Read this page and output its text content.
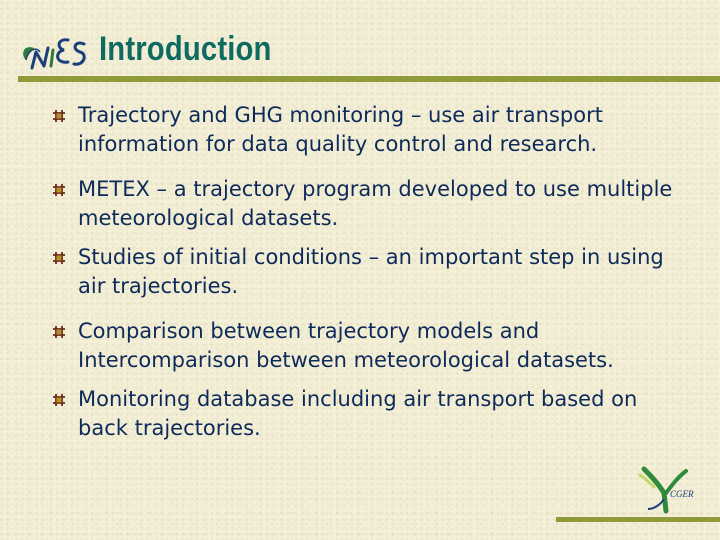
NIES Introduction
Trajectory and GHG monitoring – use air transport information for data quality control and research.
METEX – a trajectory program developed to use multiple meteorological datasets.
Studies of initial conditions – an important step in using air trajectories.
Comparison between trajectory models and Intercomparison between meteorological datasets.
Monitoring database including air transport based on back trajectories.
CGER
